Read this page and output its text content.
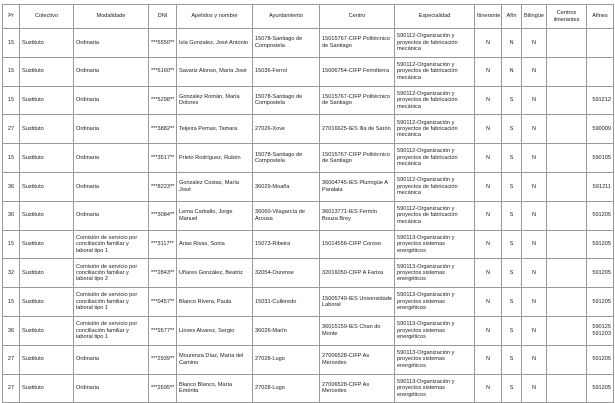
Pr	Colectivo	Modalidade	DNI	Apelidos y nombre	Ayuntamiento	Centro	Especialidad	Itinerante	Afín	Bilingüe	Centros itinerantes	Afines
15	Sustituto	Ordinaria	***6550**	Isla Gonzalez, José Antonio	15078-Santiago de Compostela	15015767-CIFP Politécnico de Santiago	590112-Organización y proyectos de fabricación mecánica	N	N	N		
15	Sustituto	Ordinaria	***6160**	Savariz Alonso, María José	15036-Ferrol	15006754-CIFP Ferrolterra	590112-Organización y proyectos de fabricación mecánica	N	N	N		
15	Sustituto	Ordinaria	***5298**	Gonzalez Román, María Dolores	15078-Santiago de Compostela	15015767-CIFP Politécnico de Santiago	590112-Organización y proyectos de fabricación mecánica	N	S	N		591212
27	Sustituto	Ordinaria	***3882**	Teijeira Pemas, Tamara	27026-Xove	27016625-IES Illa de Sarón	590112-Organización y proyectos de fabricación mecánica	N	S	N		590009
15	Sustituto	Ordinaria	***3517**	Prieto Rodríguez, Rubén	15078-Santiago de Compostela	15015767-CIFP Politécnico de Santiago	590112-Organización y proyectos de fabricación mecánica	N	S	N		590105
36	Sustituto	Ordinaria	***8223**	Gonzalez Costas, María José	36029-Moaña	36004745-IES Pluringüe A Paralaia	590112-Organización y proyectos de fabricación mecánica	N	S	N		591211
36	Sustituto	Ordinaria	***3084**	Lema Carballo, Jorge Manuel	36060-Vilagarcía de Arousa	36013771-IES Fermín Bouza Brey	590112-Organización y proyectos de fabricación mecánica	N	S	N		591205
15	Sustituto	Comisión de servicio por conciliación familiar y laboral tipo 1	***3117**	Arias Rivas, Sonia	15073-Ribeira	15014556-CIFP Coroso	590113-Organización y proyectos sistemas energéticos	N	S	N		591205
32	Sustituto	Comisión de servicio por conciliación familiar y laboral tipo 2	***2843**	Uñares González, Beatriz	32054-Ourense	32016050-CIFP A Farixa	590113-Organización y proyectos sistemas energéticos	N	S	N		591205
15	Sustituto	Comisión de servicio por conciliación familiar y laboral tipo 1	***0457**	Blanco Rivera, Paula	15031-Culleredo	15005749-IES Universidade Laboral	590113-Organización y proyectos sistemas energéticos	N	S	N		591205
36	Sustituto	Comisión de servicio por conciliación familiar y laboral tipo 1	***9577**	Lloves Alvarez, Sergio	36026-Marín	36015159-IES Chan do Monte	590113-Organización y proyectos sistemas energéticos	N	S	N		590125 591203
27	Sustituto	Ordinaria	***2939**	Mourenza Díaz, María del Camino	27028-Lugo	27006528-CIFP As Mercedes	590113-Organización y proyectos sistemas energéticos	N	S	N		591205
27	Sustituto	Ordinaria	***2695**	Blanco Blanco, María Emérita	27028-Lugo	27006528-CIFP As Mercedes	590113-Organización y proyectos sistemas energéticos	N	S	N		591205
